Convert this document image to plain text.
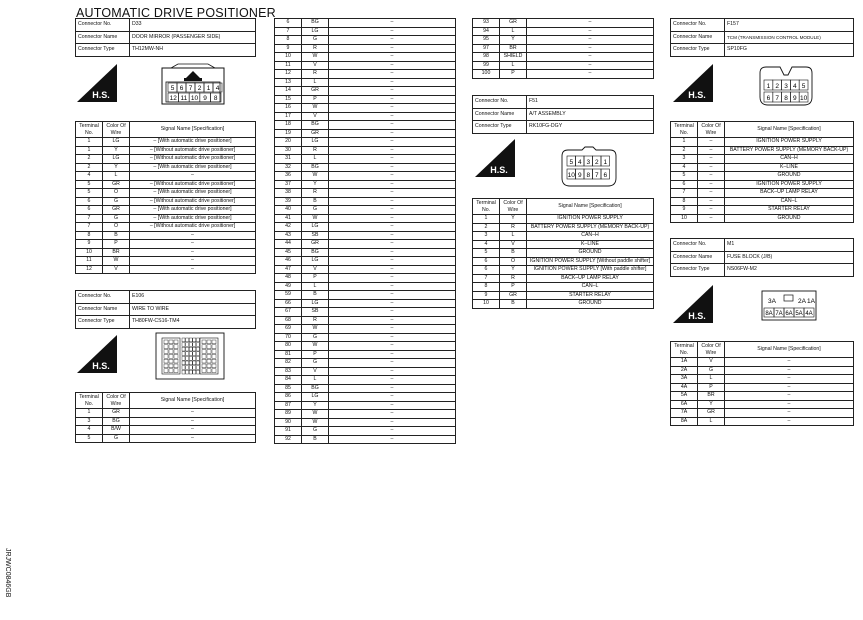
AUTOMATIC DRIVE POSITIONER
JRJWC0846GB
Connector No.	D33
Connector Name	DOOR MIRROR (PASSENGER SIDE)
Connector Type	TH12MW-NH
H.S.
5 6 7 2 1 4
12 11 10 9 8
Terminal No.	Color Of Wire	Signal Name [Specification]
1	LG	– [With automatic drive positioner]
1	Y	– [Without automatic drive positioner]
2	LG	– [Without automatic drive positioner]
2	Y	– [With automatic drive positioner]
4	L	–
5	GR	– [Without automatic drive positioner]
5	O	– [With automatic drive positioner]
6	G	– [Without automatic drive positioner]
6	GR	– [With automatic drive positioner]
7	G	– [With automatic drive positioner]
7	O	– [Without automatic drive positioner]
8	B	–
9	P	–
10	BR	–
11	W	–
12	V	–
Connector No.	E106
Connector Name	WIRE TO WIRE
Connector Type	TH80FW-CS16-TM4
H.S.
Terminal No.	Color Of Wire	Signal Name [Specification]
1	GR	–
3	BG	–
4	B/W	–
5	G	–
6	BG	–
7	LG	–
8	G	–
9	R	–
10	W	–
11	V	–
12	R	–
13	L	–
14	GR	–
15	P	–
16	W	–
17	V	–
18	BG	–
19	GR	–
20	LG	–
30	R	–
31	L	–
32	BG	–
36	W	–
37	Y	–
38	R	–
39	B	–
40	G	–
41	W	–
42	LG	–
43	SB	–
44	GR	–
45	BG	–
46	LG	–
47	V	–
48	P	–
49	L	–
59	B	–
66	LG	–
67	SB	–
68	R	–
69	W	–
70	G	–
80	W	–
81	P	–
82	G	–
83	V	–
84	L	–
85	BG	–
86	LG	–
87	Y	–
89	W	–
90	W	–
91	G	–
92	B	–
93	GR	–
94	L	–
95	Y	–
97	BR	–
98	SHIELD	–
99	L	–
100	P	–
Connector No.	F51
Connector Name	A/T ASSEMBLY
Connector Type	RK10FG-DGY
H.S.
5 4 3 2 1
10 9 8 7 6
Terminal No.	Color Of Wire	Signal Name [Specification]
1	Y	IGNITION POWER SUPPLY
2	R	BATTERY POWER SUPPLY (MEMORY BACK-UP)
3	L	CAN–H
4	V	K–LINE
5	B	GROUND
6	O	IGNITION POWER SUPPLY [Without paddle shifter]
6	Y	IGNITION POWER SUPPLY [With paddle shifter]
7	R	BACK–UP LAMP RELAY
8	P	CAN–L
9	GR	STARTER RELAY
10	B	GROUND
Connector No.	F157
Connector Name	TCM (TRANSMISSION CONTROL MODULE)
Connector Type	SP10FG
H.S.
1 2 3 4 5
6 7 8 9 10
Terminal No.	Color Of Wire	Signal Name [Specification]
1	–	IGNITION POWER SUPPLY
2	–	BATTERY POWER SUPPLY (MEMORY BACK-UP)
3	–	CAN–H
4	–	K–LINE
5	–	GROUND
6	–	IGNITION POWER SUPPLY
7	–	BACK–UP LAMP RELAY
8	–	CAN–L
9	–	STARTER RELAY
10	–	GROUND
Connector No.	M1
Connector Name	FUSE BLOCK (J/B)
Connector Type	NS06FW-M2
H.S.
3A	2A 1A
8A 7A 6A 5A 4A
Terminal No.	Color Of Wire	Signal Name [Specification]
1A	V	–
2A	G	–
3A	L	–
4A	P	–
5A	BR	–
6A	Y	–
7A	GR	–
8A	L	–
